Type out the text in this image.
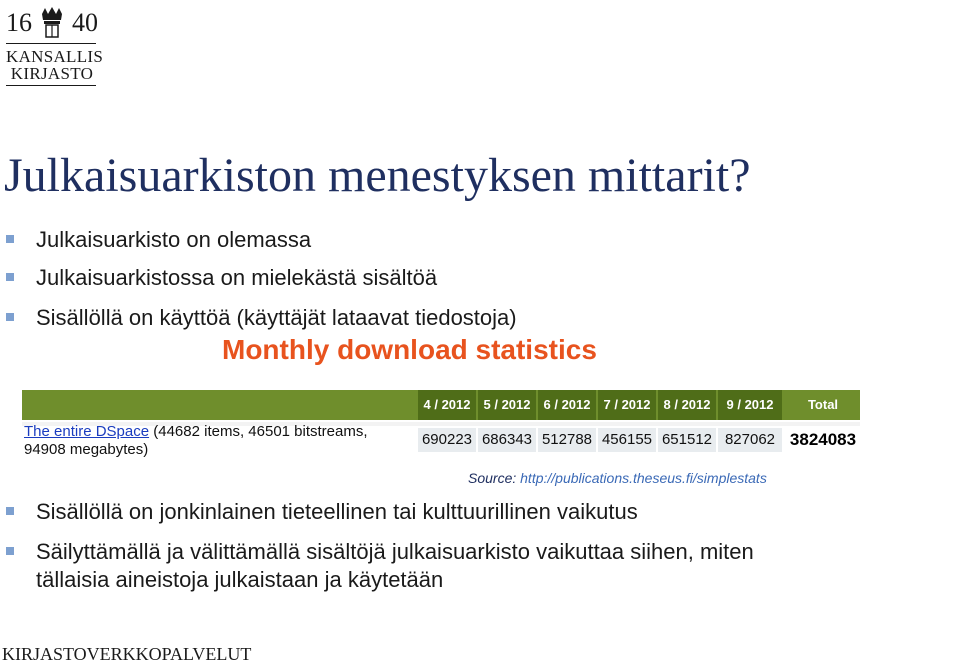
16 40
KANSALLIS
KIRJASTO
Julkaisuarkiston menestyksen mittarit?
Julkaisuarkisto on olemassa
Julkaisuarkistossa on mielekästä sisältöä
Sisällöllä on käyttöä (käyttäjät lataavat tiedostoja)
Monthly download statistics
4 / 2012	5 / 2012	6 / 2012	7 / 2012	8 / 2012	9 / 2012	Total
The entire DSpace (44682 items, 46501 bitstreams,
94908 megabytes)
690223 686343 512788 456155 651512 827062 3824083
Source: http://publications.theseus.fi/simplestats
Sisällöllä on jonkinlainen tieteellinen tai kulttuurillinen vaikutus
Säilyttämällä ja välittämällä sisältöjä julkaisuarkisto vaikuttaa siihen, miten
tällaisia aineistoja julkaistaan ja käytetään
KIRJASTOVERKKOPALVELUT
